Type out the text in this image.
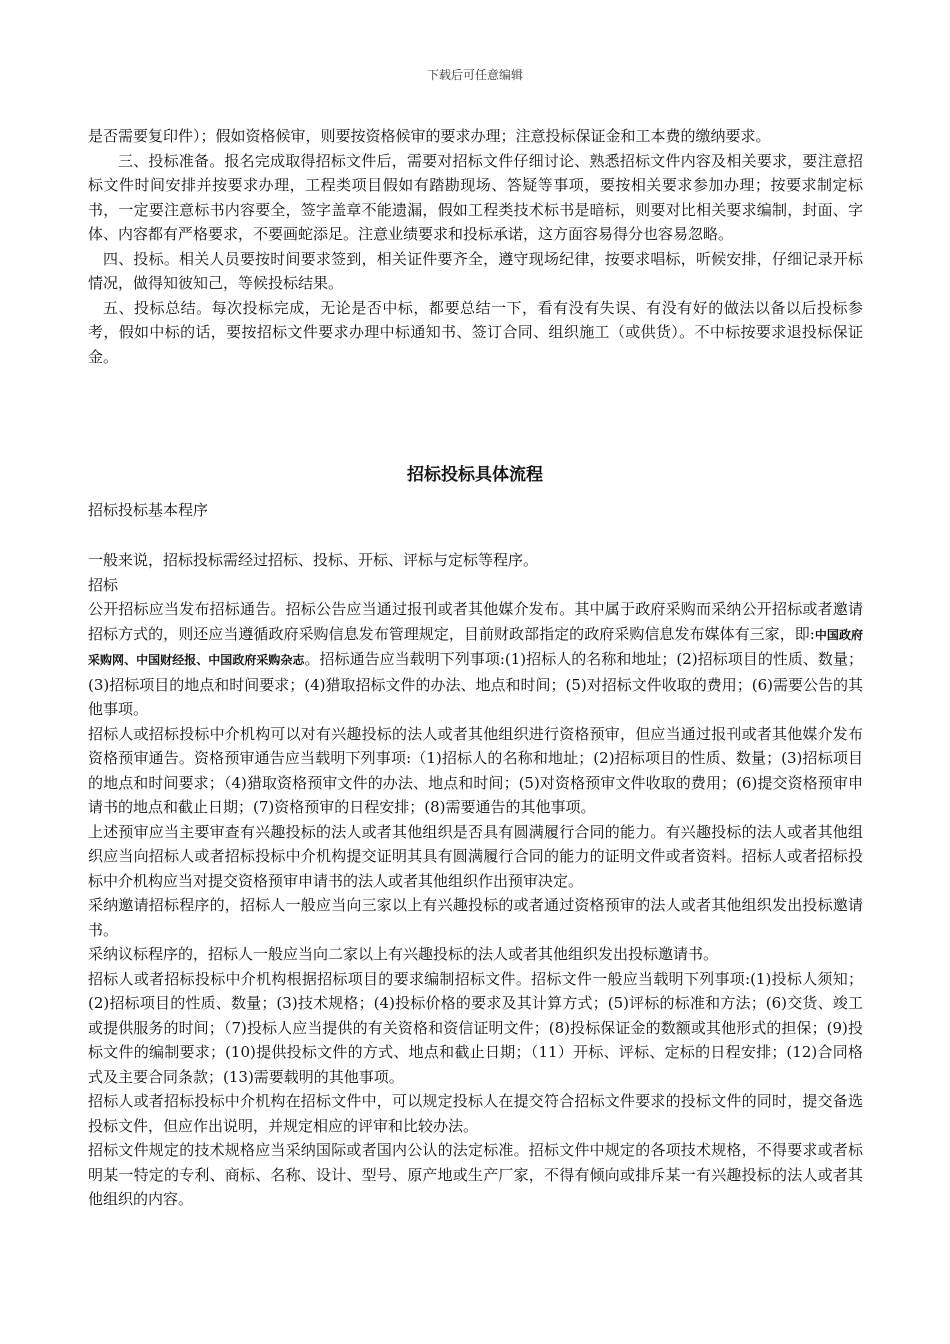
下载后可任意编辑

是否需要复印件）；假如资格候审，则要按资格候审的要求办理；注意投标保证金和工本费的缴纳要求。

三、投标准备。报名完成取得招标文件后，需要对招标文件仔细讨论、熟悉招标文件内容及相关要求，要注意招标文件时间安排并按要求办理，工程类项目假如有踏勘现场、答疑等事项，要按相关要求参加办理；按要求制定标书，一定要注意标书内容要全，签字盖章不能遗漏，假如工程类技术标书是暗标，则要对比相关要求编制，封面、字体、内容都有严格要求，不要画蛇添足。注意业绩要求和投标承诺，这方面容易得分也容易忽略。

四、投标。相关人员要按时间要求签到，相关证件要齐全，遵守现场纪律，按要求唱标，听候安排，仔细记录开标情况，做得知彼知己，等候投标结果。

五、投标总结。每次投标完成，无论是否中标，都要总结一下，看有没有失误、有没有好的做法以备以后投标参考，假如中标的话，要按招标文件要求办理中标通知书、签订合同、组织施工（或供货）。不中标按要求退投标保证金。

招标投标具体流程
招标投标基本程序

一般来说，招标投标需经过招标、投标、开标、评标与定标等程序。

招标

公开招标应当发布招标通告。招标公告应当通过报刊或者其他媒介发布。其中属于政府采购而采纳公开招标或者邀请招标方式的，则还应当遵循政府采购信息发布管理规定，目前财政部指定的政府采购信息发布媒体有三家，即:中国政府采购网、中国财经报、中国政府采购杂志。招标通告应当载明下列事项:(1)招标人的名称和地址；(2)招标项目的性质、数量；(3)招标项目的地点和时间要求；(4)猎取招标文件的办法、地点和时间；(5)对招标文件收取的费用；(6)需要公告的其他事项。

招标人或招标投标中介机构可以对有兴趣投标的法人或者其他组织进行资格预审，但应当通过报刊或者其他媒介发布资格预审通告。资格预审通告应当载明下列事项:（1)招标人的名称和地址；(2)招标项目的性质、数量；(3)招标项目的地点和时间要求；（4)猎取资格预审文件的办法、地点和时间；(5)对资格预审文件收取的费用；(6)提交资格预审申请书的地点和截止日期；(7)资格预审的日程安排；(8)需要通告的其他事项。

上述预审应当主要审查有兴趣投标的法人或者其他组织是否具有圆满履行合同的能力。有兴趣投标的法人或者其他组织应当向招标人或者招标投标中介机构提交证明其具有圆满履行合同的能力的证明文件或者资料。招标人或者招标投标中介机构应当对提交资格预审申请书的法人或者其他组织作出预审决定。

采纳邀请招标程序的，招标人一般应当向三家以上有兴趣投标的或者通过资格预审的法人或者其他组织发出投标邀请书。

采纳议标程序的，招标人一般应当向二家以上有兴趣投标的法人或者其他组织发出投标邀请书。

招标人或者招标投标中介机构根据招标项目的要求编制招标文件。招标文件一般应当载明下列事项:(1)投标人须知；(2)招标项目的性质、数量；(3)技术规格；(4)投标价格的要求及其计算方式；(5)评标的标准和方法；(6)交货、竣工或提供服务的时间；（7)投标人应当提供的有关资格和资信证明文件；(8)投标保证金的数额或其他形式的担保；(9)投标文件的编制要求；(10)提供投标文件的方式、地点和截止日期；（11）开标、评标、定标的日程安排；(12)合同格式及主要合同条款；(13)需要载明的其他事项。

招标人或者招标投标中介机构在招标文件中，可以规定投标人在提交符合招标文件要求的投标文件的同时，提交备选投标文件，但应作出说明，并规定相应的评审和比较办法。

招标文件规定的技术规格应当采纳国际或者国内公认的法定标准。招标文件中规定的各项技术规格，不得要求或者标明某一特定的专利、商标、名称、设计、型号、原产地或生产厂家，不得有倾向或排斥某一有兴趣投标的法人或者其他组织的内容。
